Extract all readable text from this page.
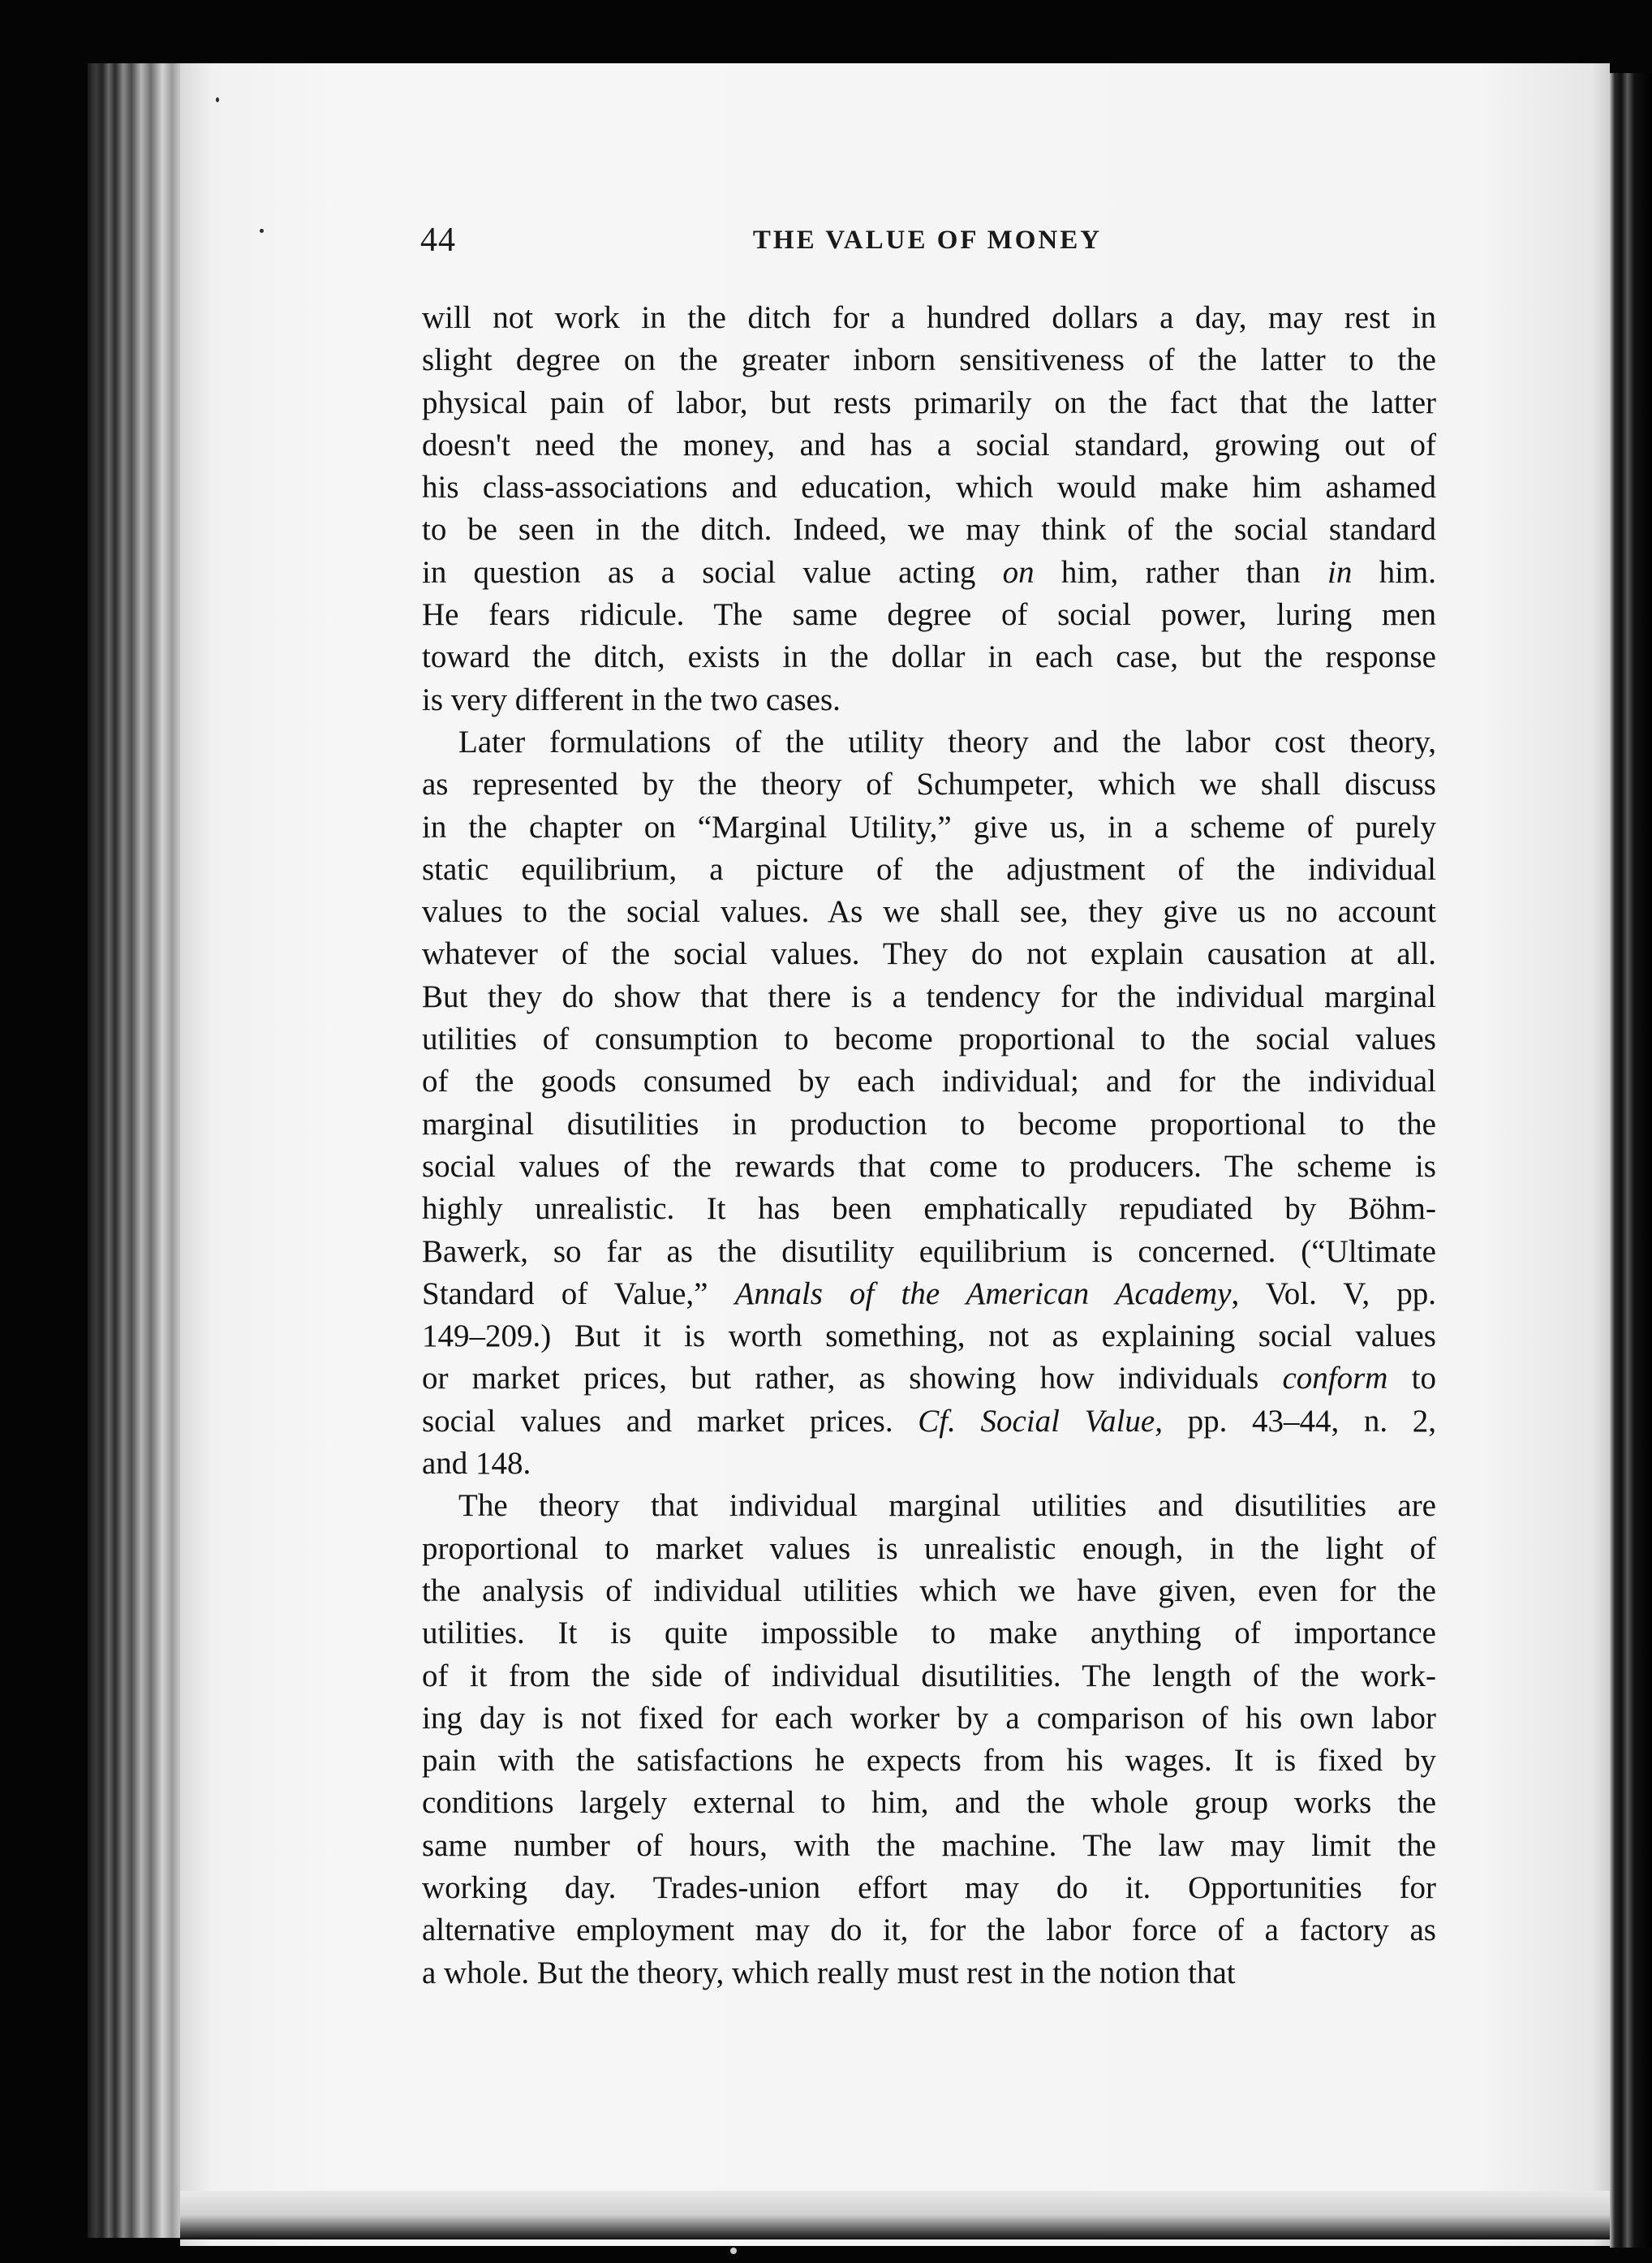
44	THE VALUE OF MONEY

will not work in the ditch for a hundred dollars a day, may rest in
slight degree on the greater inborn sensitiveness of the latter to the
physical pain of labor, but rests primarily on the fact that the latter
doesn't need the money, and has a social standard, growing out of
his class-associations and education, which would make him ashamed
to be seen in the ditch. Indeed, we may think of the social standard
in question as a social value acting on him, rather than in him.
He fears ridicule. The same degree of social power, luring men
toward the ditch, exists in the dollar in each case, but the response
is very different in the two cases.

Later formulations of the utility theory and the labor cost theory,
as represented by the theory of Schumpeter, which we shall discuss
in the chapter on “Marginal Utility,” give us, in a scheme of purely
static equilibrium, a picture of the adjustment of the individual
values to the social values. As we shall see, they give us no account
whatever of the social values. They do not explain causation at all.
But they do show that there is a tendency for the individual marginal
utilities of consumption to become proportional to the social values
of the goods consumed by each individual; and for the individual
marginal disutilities in production to become proportional to the
social values of the rewards that come to producers. The scheme is
highly unrealistic. It has been emphatically repudiated by Böhm-
Bawerk, so far as the disutility equilibrium is concerned. (“Ultimate
Standard of Value,” Annals of the American Academy, Vol. V, pp.
149–209.) But it is worth something, not as explaining social values
or market prices, but rather, as showing how individuals conform to
social values and market prices. Cf. Social Value, pp. 43–44, n. 2,
and 148.

The theory that individual marginal utilities and disutilities are
proportional to market values is unrealistic enough, in the light of
the analysis of individual utilities which we have given, even for the
utilities. It is quite impossible to make anything of importance
of it from the side of individual disutilities. The length of the work-
ing day is not fixed for each worker by a comparison of his own labor
pain with the satisfactions he expects from his wages. It is fixed by
conditions largely external to him, and the whole group works the
same number of hours, with the machine. The law may limit the
working day. Trades-union effort may do it. Opportunities for
alternative employment may do it, for the labor force of a factory as
a whole. But the theory, which really must rest in the notion that
